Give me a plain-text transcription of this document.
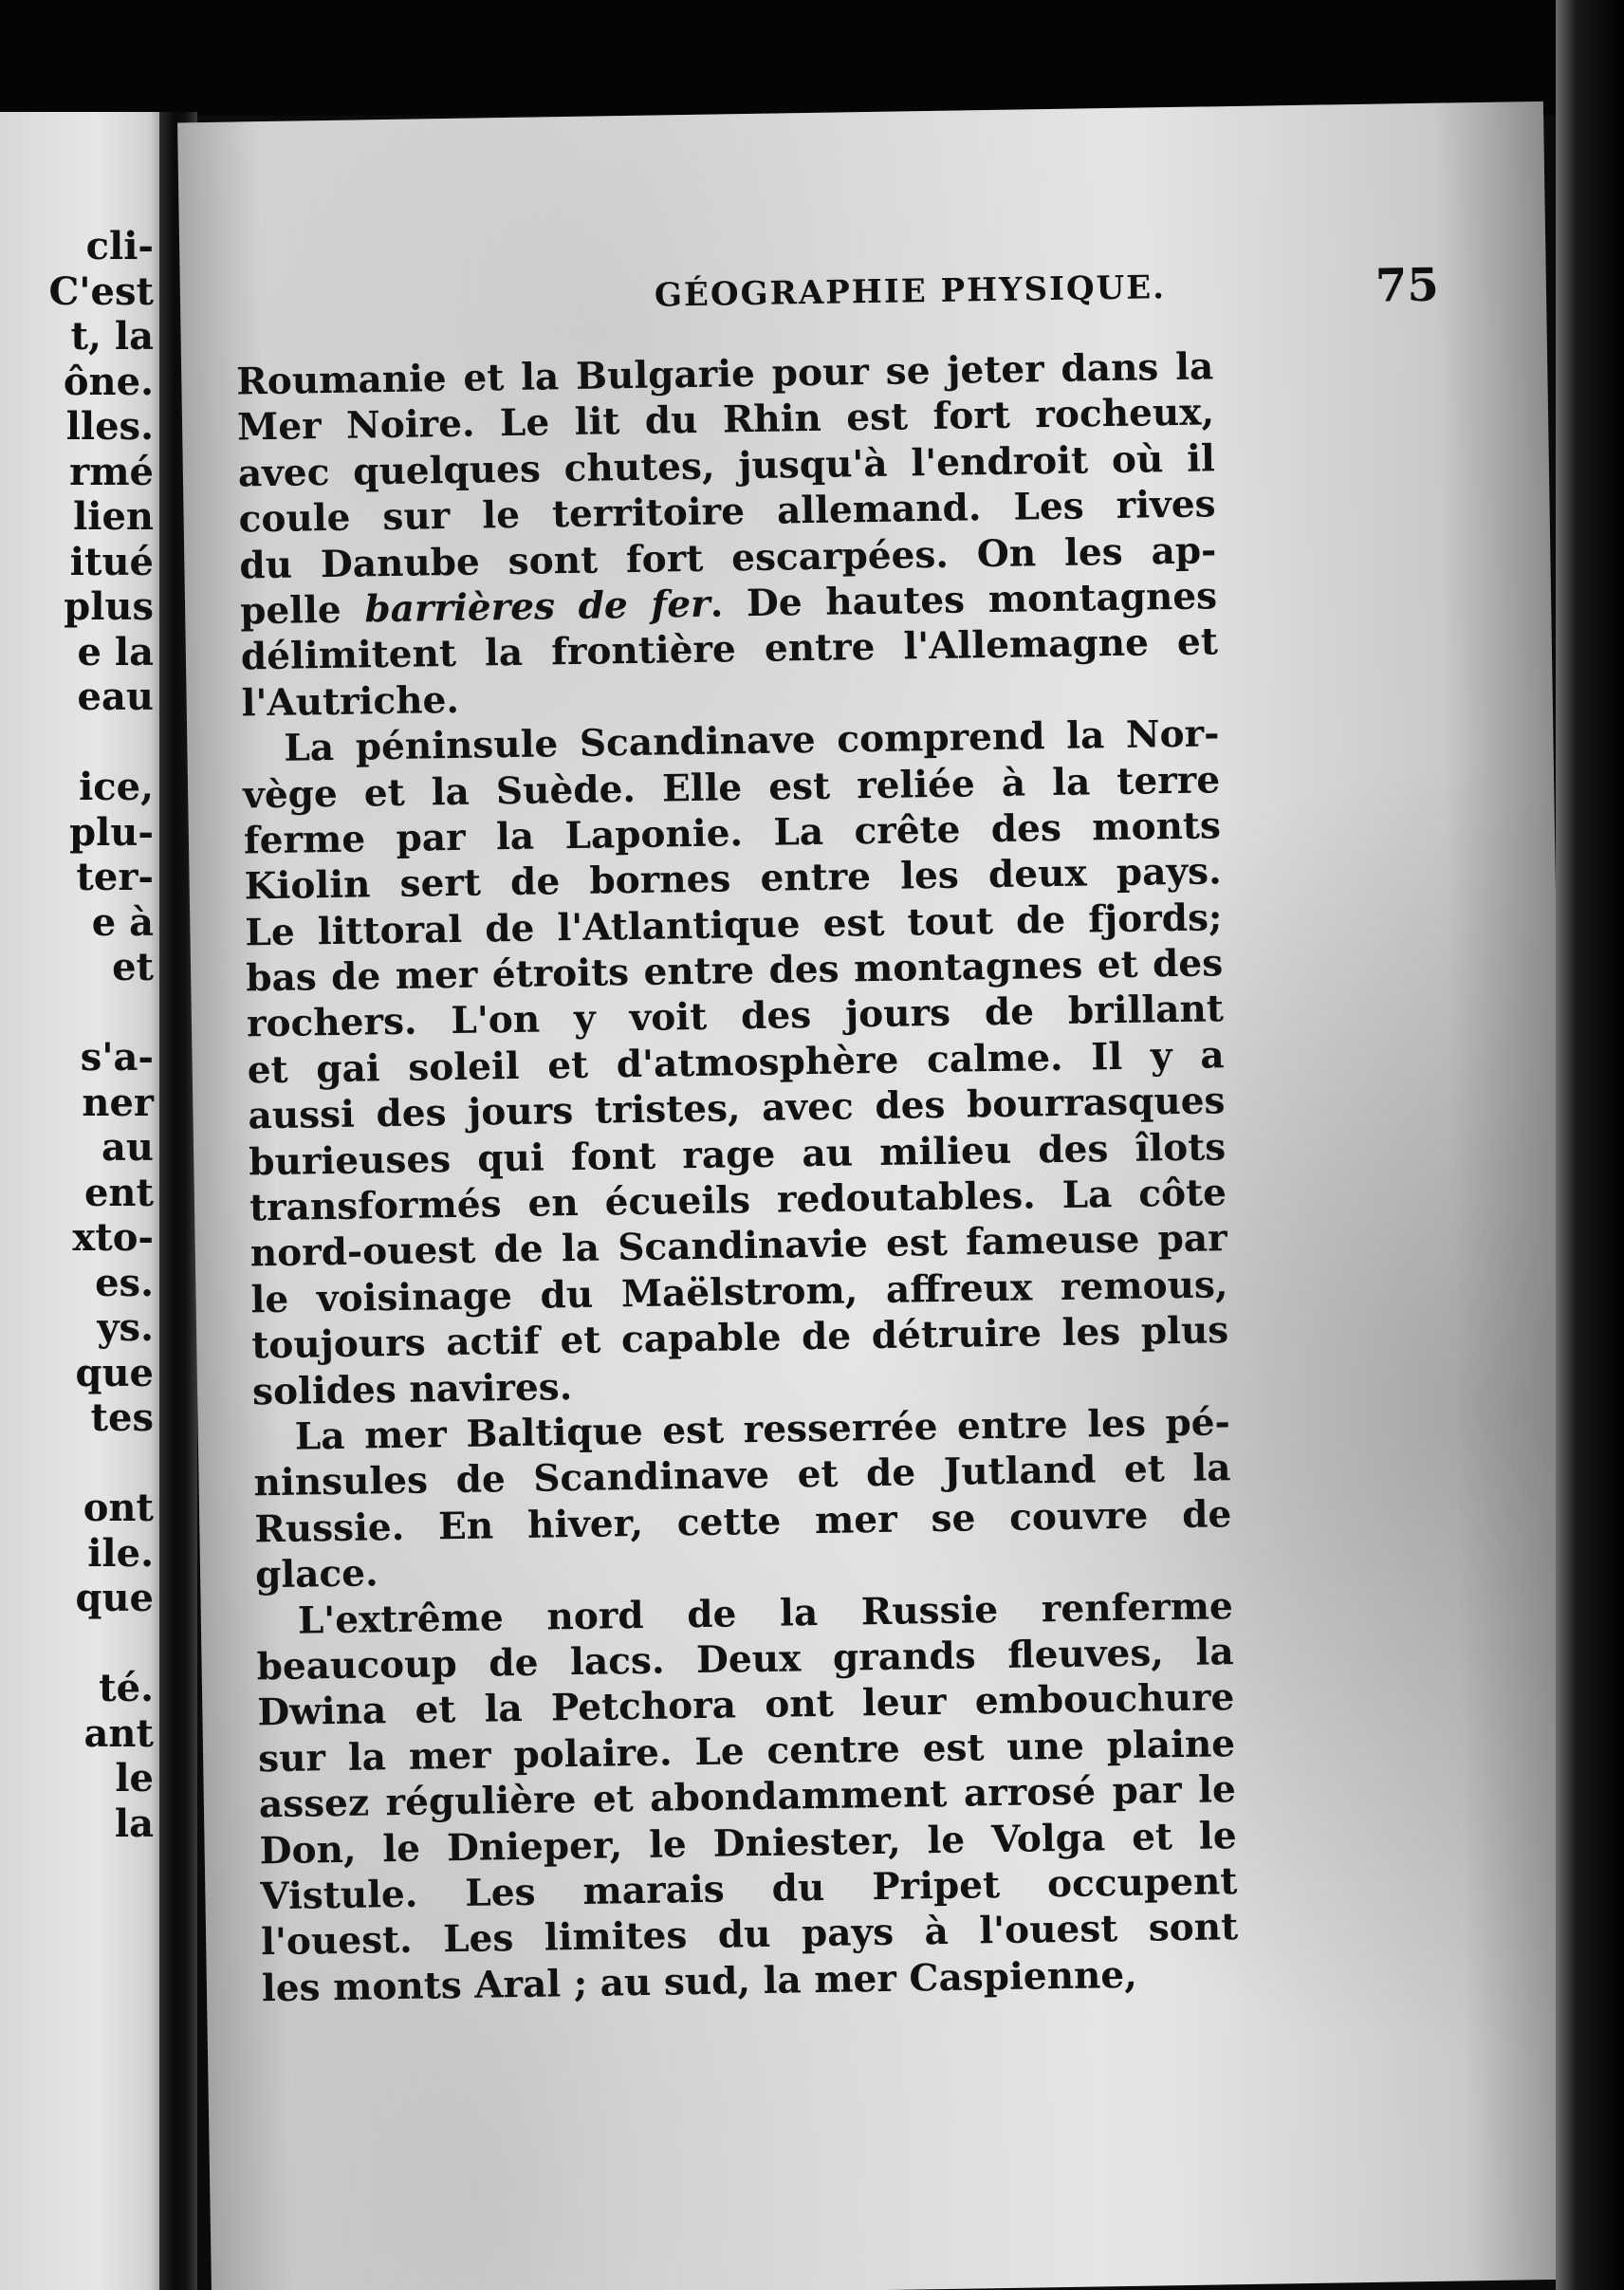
cli-
C'est
t, la
ône.
lles.
rmé
lien
itué
plus
e la
eau
ice,
plu-
ter-
e à
et
s'a-
ner
au
ent
xto-
es.
ys.
que
tes
ont
ile.
que
té.
ant
le
la
GÉOGRAPHIE PHYSIQUE.	75
Roumanie et la Bulgarie pour se jeter dans la
Mer Noire. Le lit du Rhin est fort rocheux,
avec quelques chutes, jusqu'à l'endroit où il
coule sur le territoire allemand. Les rives
du Danube sont fort escarpées. On les ap-
pelle barrières de fer. De hautes montagnes
délimitent la frontière entre l'Allemagne et
l'Autriche.
La péninsule Scandinave comprend la Nor-
vège et la Suède. Elle est reliée à la terre
ferme par la Laponie. La crête des monts
Kiolin sert de bornes entre les deux pays.
Le littoral de l'Atlantique est tout de fjords;
bas de mer étroits entre des montagnes et des
rochers. L'on y voit des jours de brillant
et gai soleil et d'atmosphère calme. Il y a
aussi des jours tristes, avec des bourrasques
burieuses qui font rage au milieu des îlots
transformés en écueils redoutables. La côte
nord-ouest de la Scandinavie est fameuse par
le voisinage du Maëlstrom, affreux remous,
toujours actif et capable de détruire les plus
solides navires.
La mer Baltique est resserrée entre les pé-
ninsules de Scandinave et de Jutland et la
Russie. En hiver, cette mer se couvre de
glace.
L'extrême nord de la Russie renferme
beaucoup de lacs. Deux grands fleuves, la
Dwina et la Petchora ont leur embouchure
sur la mer polaire. Le centre est une plaine
assez régulière et abondamment arrosé par le
Don, le Dnieper, le Dniester, le Volga et le
Vistule. Les marais du Pripet occupent
l'ouest. Les limites du pays à l'ouest sont
les monts Aral ; au sud, la mer Caspienne,
